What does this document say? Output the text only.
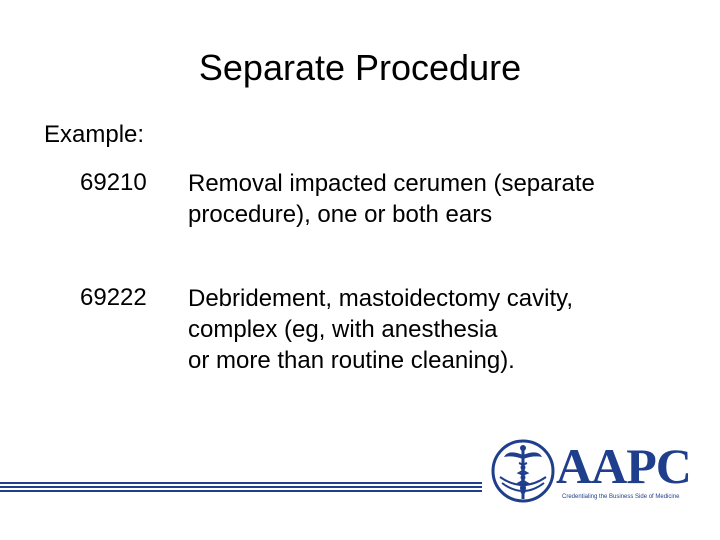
Separate Procedure
Example:
69210 Removal impacted cerumen (separate
procedure), one or both ears
69222 Debridement, mastoidectomy cavity,
complex (eg, with anesthesia
or more than routine cleaning).
AAPC
Credentialing the Business Side of Medicine
